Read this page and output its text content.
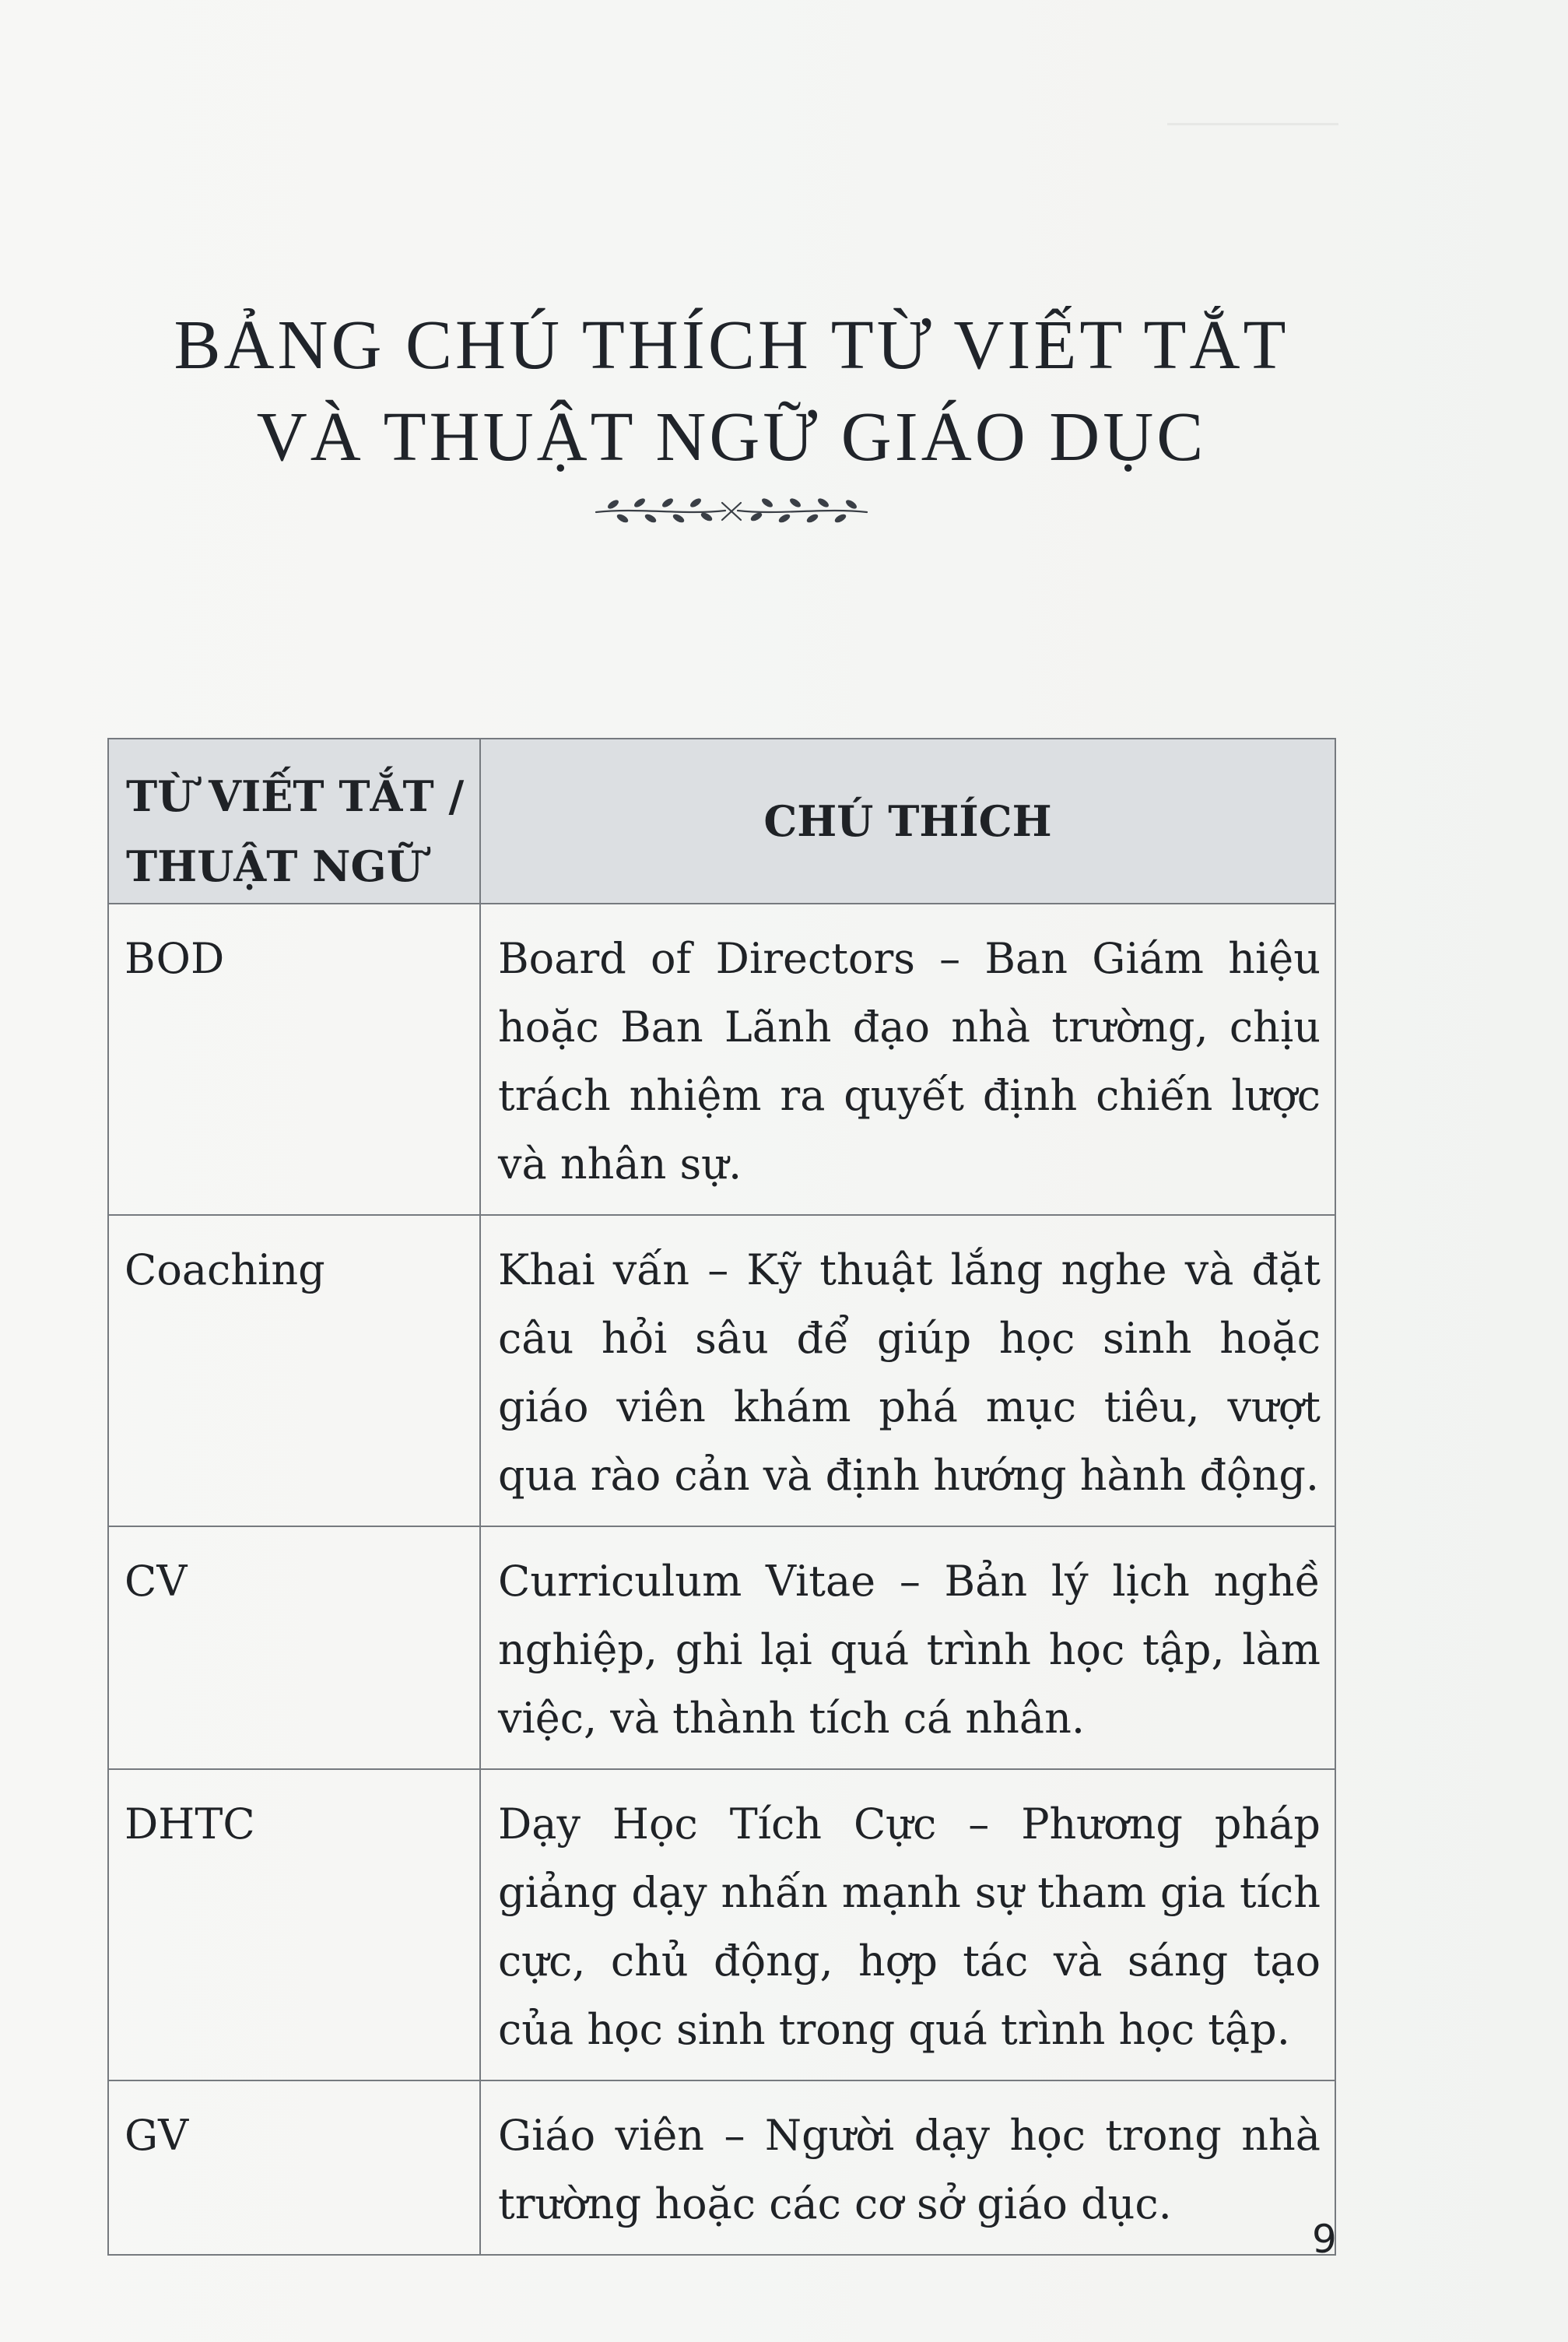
BẢNG CHÚ THÍCH TỪ VIẾT TẮT
VÀ THUẬT NGỮ GIÁO DỤC
TỪ VIẾT TẮT /
THUẬT NGỮ	CHÚ THÍCH
BOD	Board of Directors – Ban Giám hiệu hoặc Ban Lãnh đạo nhà trường, chịu trách nhiệm ra quyết định chiến lược và nhân sự.
Coaching	Khai vấn – Kỹ thuật lắng nghe và đặt câu hỏi sâu để giúp học sinh hoặc giáo viên khám phá mục tiêu, vượt qua rào cản và định hướng hành động.
CV	Curriculum Vitae – Bản lý lịch nghề nghiệp, ghi lại quá trình học tập, làm việc, và thành tích cá nhân.
DHTC	Dạy Học Tích Cực – Phương pháp giảng dạy nhấn mạnh sự tham gia tích cực, chủ động, hợp tác và sáng tạo của học sinh trong quá trình học tập.
GV	Giáo viên – Người dạy học trong nhà trường hoặc các cơ sở giáo dục.
9
